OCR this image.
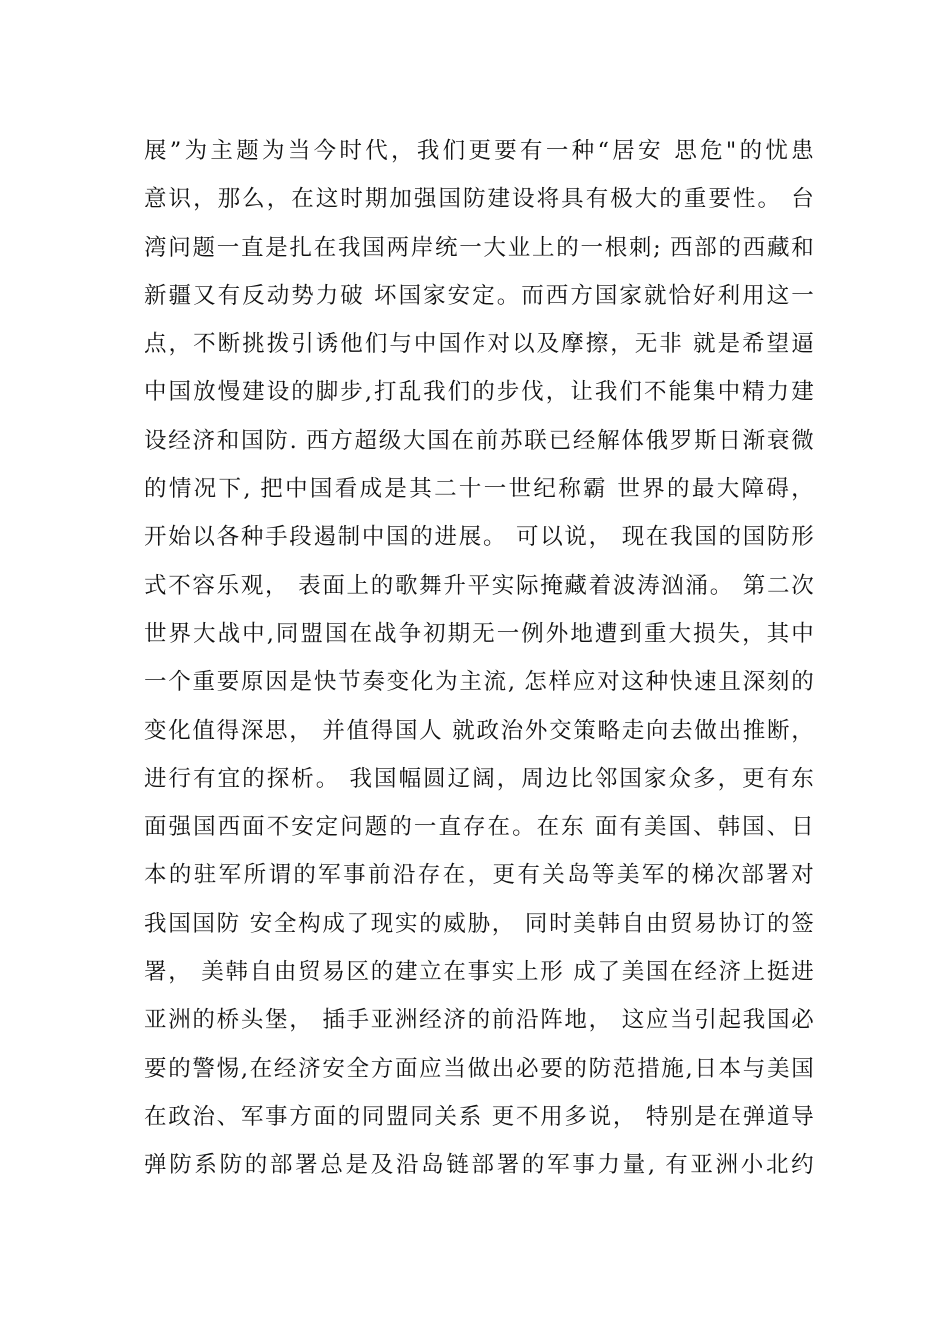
展”为主题为当今时代，我们更要有一种“居安 思危"的忧患
意识，那么，在这时期加强国防建设将具有极大的重要性。 台
湾问题一直是扎在我国两岸统一大业上的一根刺; 西部的西藏和
新疆又有反动势力破 坏国家安定。而西方国家就恰好利用这一
点，不断挑拨引诱他们与中国作对以及摩擦，无非 就是希望逼
中国放慢建设的脚步,打乱我们的步伐，让我们不能集中精力建
设经济和国防. 西方超级大国在前苏联已经解体俄罗斯日渐衰微
的情况下, 把中国看成是其二十一世纪称霸 世界的最大障碍，
开始以各种手段遏制中国的进展。 可以说， 现在我国的国防形
式不容乐观， 表面上的歌舞升平实际掩藏着波涛汹涌。 第二次
世界大战中,同盟国在战争初期无一例外地遭到重大损失，其中
一个重要原因是快节奏变化为主流, 怎样应对这种快速且深刻的
变化值得深思， 并值得国人 就政治外交策略走向去做出推断，
进行有宜的探析。 我国幅圆辽阔，周边比邻国家众多，更有东
面强国西面不安定问题的一直存在。在东 面有美国、韩国、日
本的驻军所谓的军事前沿存在，更有关岛等美军的梯次部署对
我国国防 安全构成了现实的威胁， 同时美韩自由贸易协订的签
署， 美韩自由贸易区的建立在事实上形 成了美国在经济上挺进
亚洲的桥头堡， 插手亚洲经济的前沿阵地， 这应当引起我国必
要的警惕,在经济安全方面应当做出必要的防范措施,日本与美国
在政治、军事方面的同盟同关系 更不用多说， 特别是在弹道导
弹防系防的部署总是及沿岛链部署的军事力量, 有亚洲小北约
